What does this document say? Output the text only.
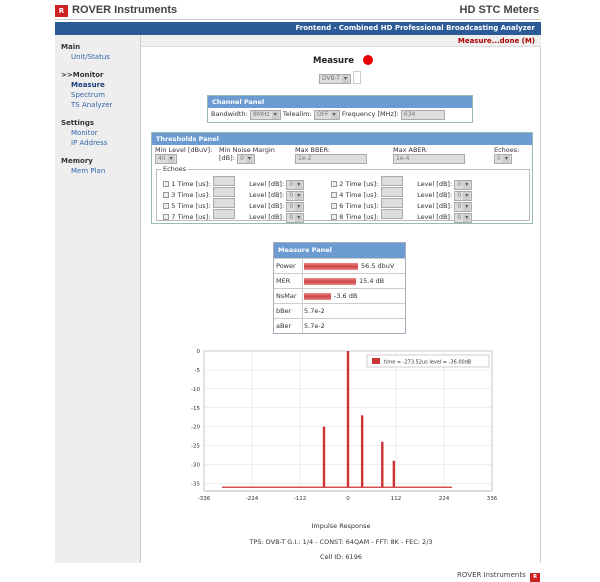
R ROVER Instruments	HD STC Meters
Frontend - Combined HD Professional Broadcasting Analyzer
Main
Unit/Status
>>Monitor
Measure
Spectrum
TS Analyzer
Settings
Monitor
IP Address
Memory
Mem Plan
Measure...done (M)
Measure
DVB-T ▾
Channel Panel
Bandwidth: 8MHz ▾ Telealim: OFF ▾ Frequency [MHz]: 634
Thresholds Panel
Min Level [dBuV]:
40 ▾
Min Noise Margin
[dB]: 0 ▾
Max BBER:
1e-2
Max ABER:
1e-4
Echoes:
0 ▾
Echoes
1 Time [us]:	Level [dB]: 0 ▾	2 Time [us]:	Level [dB]: 0 ▾
3 Time [us]:	Level [dB]: 0 ▾	4 Time [us]:	Level [dB]: 0 ▾
5 Time [us]:	Level [dB]: 0 ▾	6 Time [us]:	Level [dB]: 0 ▾
7 Time [us]:	Level [dB]: 0 ▾	8 Time [us]:	Level [dB]: 0 ▾
Measure Panel
Power	56.5 dbuV
MER	15.4 dB
NsMar	-3.6 dB
bBer	5.7e-2
aBer	5.7e-2
0
-5
-10
-15
-20
-25
-30
-35
-336	-224	-112	0	112	224	336
time = -273.52us level = -36.00dB
Impulse Response
TPS: DVB-T G.I.: 1/4 - CONST: 64QAM - FFT: 8K - FEC: 2/3
Cell ID: 6196
ROVER Instruments R
